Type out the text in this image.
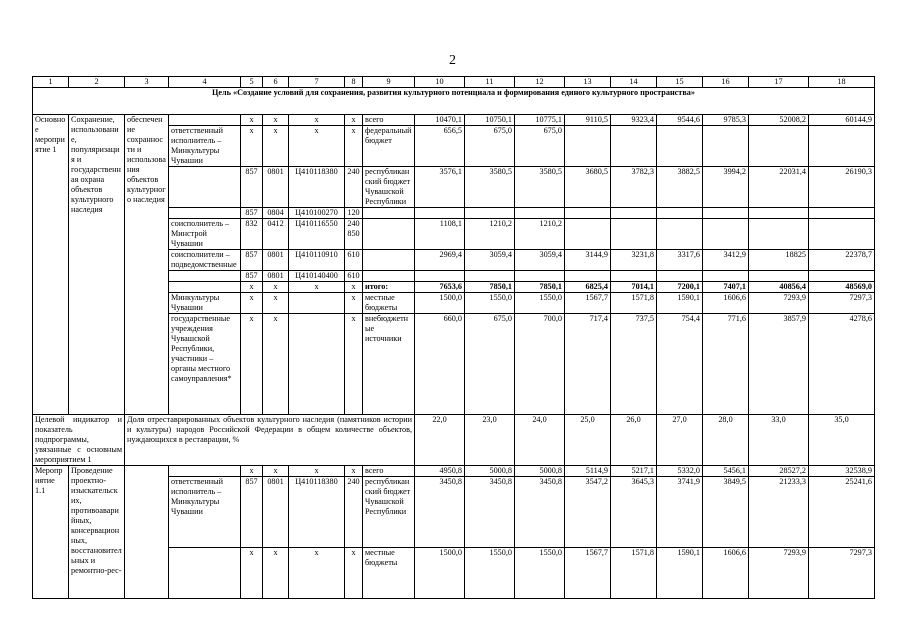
2
1	2	3	4	5	6	7	8	9	10	11	12	13	14	15	16	17	18
Цель «Создание условий для сохранения, развития культурного потенциала и формирования единого культурного пространства»																	
Основное мероприятие 1	Сохранение, использование, популяризация и государственная охрана объектов культурного наследия	обеспечение сохранности и использования объектов культурного наследия		х	х	х	х	всего	10470,1	10750,1	10775,1	9110,5	9323,4	9544,6	9785,3	52008,2	60144,9
			ответственный исполнитель – Минкультуры Чувашии	х	х	х	х	федеральный бюджет	656,5	675,0	675,0						
				857	0801	Ц410118380	240	республиканский бюджет Чувашской Республики	3576,1	3580,5	3580,5	3680,5	3782,3	3882,5	3994,2	22031,4	26190,3
				857	0804	Ц410100270	120										
			соисполнитель – Минстрой Чувашии	832	0412	Ц410116550	240 850		1108,1	1210,2	1210,2						
			соисполнители – подведомственные	857	0801	Ц410110910	610		2969,4	3059,4	3059,4	3144,9	3231,8	3317,6	3412,9	18825	22378,7
				857	0801	Ц410140400	610										
				х	х	х	х	итого:	7653,6	7850,1	7850,1	6825,4	7014,1	7200,1	7407,1	40856,4	48569,0
			Минкультуры Чувашии	х	х		х	местные бюджеты	1500,0	1550,0	1550,0	1567,7	1571,8	1590,1	1606,6	7293,9	7297,3
			государственные учреждения Чувашской Республики, участники – органы местного самоуправления*	х	х		х	внебюджетные источники	660,0	675,0	700,0	717,4	737,5	754,4	771,6	3857,9	4278,6
Целевой индикатор и показатель подпрограммы, увязанные с основным мероприятием 1		Доля отреставрированных объектов культурного наследия (памятников истории и культуры) народов Российской Федерации в общем количестве объектов, нуждающихся в реставрации, %							22,0	23,0	24,0	25,0	26,0	27,0	28,0	33,0	35,0
Мероприятие 1.1	Проведение проектно-изыскательских, противоаварийных, консервационных, восстановительных и ремонтно-рес-			х	х	х	х	всего	4950,8	5000,8	5000,8	5114,9	5217,1	5332,0	5456,1	28527,2	32538,9
			ответственный исполнитель – Минкультуры Чувашии	857	0801	Ц410118380	240	республиканский бюджет Чувашской Республики	3450,8	3450,8	3450,8	3547,2	3645,3	3741,9	3849,5	21233,3	25241,6
				х	х	х	х	местные бюджеты	1500,0	1550,0	1550,0	1567,7	1571,8	1590,1	1606,6	7293,9	7297,3
